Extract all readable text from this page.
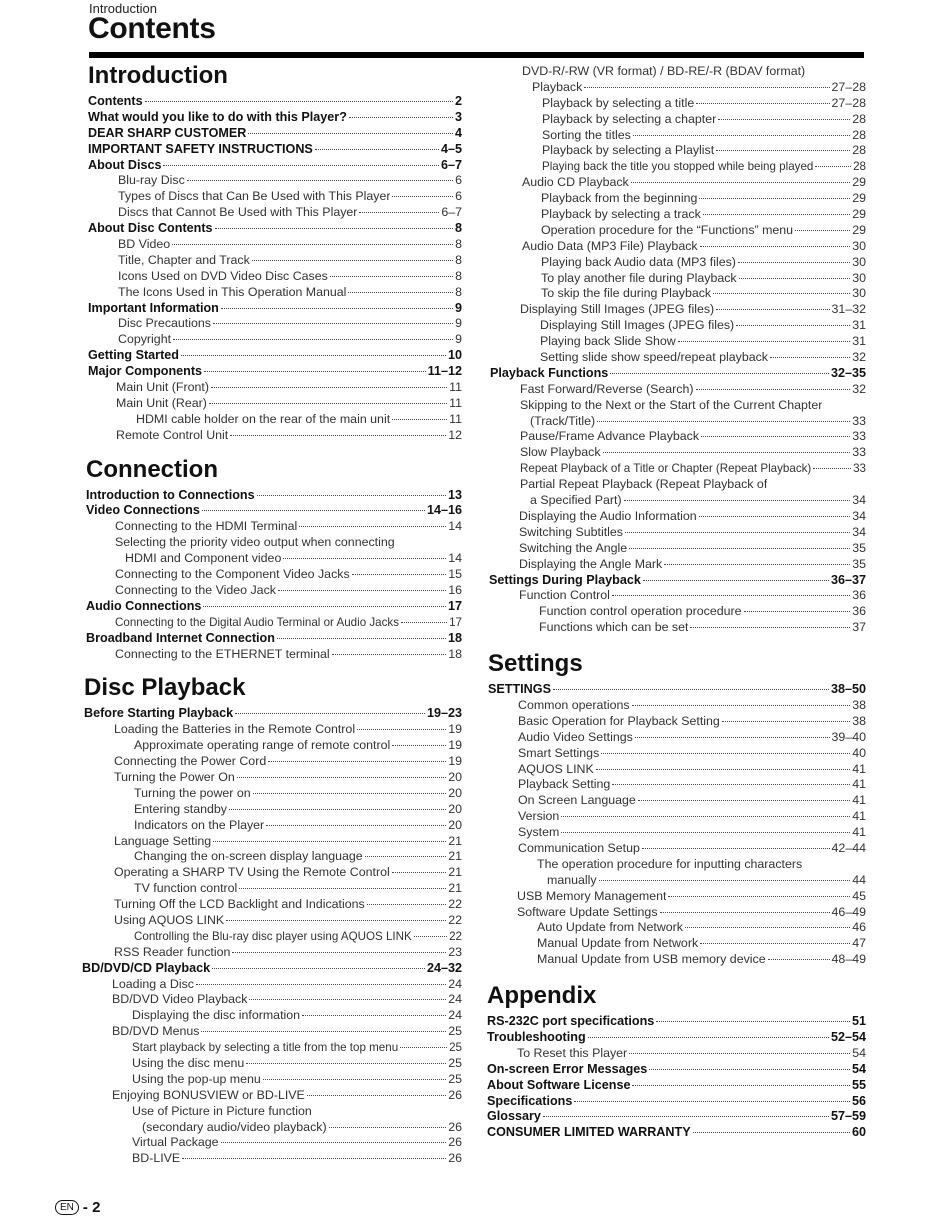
Introduction
Contents
Introduction
Contents	2
What would you like to do with this Player?	3
DEAR SHARP CUSTOMER	4
IMPORTANT SAFETY INSTRUCTIONS	4–5
About Discs	6–7
Blu-ray Disc	6
Types of Discs that Can Be Used with This Player	6
Discs that Cannot Be Used with This Player	6–7
About Disc Contents	8
BD Video	8
Title, Chapter and Track	8
Icons Used on DVD Video Disc Cases	8
The Icons Used in This Operation Manual	8
Important Information	9
Disc Precautions	9
Copyright	9
Getting Started	10
Major Components	11–12
Main Unit (Front)	11
Main Unit (Rear)	11
HDMI cable holder on the rear of the main unit	11
Remote Control Unit	12
Connection
Introduction to Connections	13
Video Connections	14–16
Connecting to the HDMI Terminal	14
Selecting the priority video output when connecting
HDMI and Component video	14
Connecting to the Component Video Jacks	15
Connecting to the Video Jack	16
Audio Connections	17
Connecting to the Digital Audio Terminal or Audio Jacks	17
Broadband Internet Connection	18
Connecting to the ETHERNET terminal	18
Disc Playback
Before Starting Playback	19–23
Loading the Batteries in the Remote Control	19
Approximate operating range of remote control	19
Connecting the Power Cord	19
Turning the Power On	20
Turning the power on	20
Entering standby	20
Indicators on the Player	20
Language Setting	21
Changing the on-screen display language	21
Operating a SHARP TV Using the Remote Control	21
TV function control	21
Turning Off the LCD Backlight and Indications	22
Using AQUOS LINK	22
Controlling the Blu-ray disc player using AQUOS LINK	22
RSS Reader function	23
BD/DVD/CD Playback	24–32
Loading a Disc	24
BD/DVD Video Playback	24
Displaying the disc information	24
BD/DVD Menus	25
Start playback by selecting a title from the top menu	25
Using the disc menu	25
Using the pop-up menu	25
Enjoying BONUSVIEW or BD-LIVE	26
Use of Picture in Picture function
(secondary audio/video playback)	26
Virtual Package	26
BD-LIVE	26
DVD-R/-RW (VR format) / BD-RE/-R (BDAV format)
Playback	27–28
Playback by selecting a title	27–28
Playback by selecting a chapter	28
Sorting the titles	28
Playback by selecting a Playlist	28
Playing back the title you stopped while being played	28
Audio CD Playback	29
Playback from the beginning	29
Playback by selecting a track	29
Operation procedure for the “Functions” menu	29
Audio Data (MP3 File) Playback	30
Playing back Audio data (MP3 files)	30
To play another file during Playback	30
To skip the file during Playback	30
Displaying Still Images (JPEG files)	31–32
Displaying Still Images (JPEG files)	31
Playing back Slide Show	31
Setting slide show speed/repeat playback	32
Playback Functions	32–35
Fast Forward/Reverse (Search)	32
Skipping to the Next or the Start of the Current Chapter
(Track/Title)	33
Pause/Frame Advance Playback	33
Slow Playback	33
Repeat Playback of a Title or Chapter (Repeat Playback)	33
Partial Repeat Playback (Repeat Playback of
a Specified Part)	34
Displaying the Audio Information	34
Switching Subtitles	34
Switching the Angle	35
Displaying the Angle Mark	35
Settings During Playback	36–37
Function Control	36
Function control operation procedure	36
Functions which can be set	37
Settings
SETTINGS	38–50
Common operations	38
Basic Operation for Playback Setting	38
Audio Video Settings	39–40
Smart Settings	40
AQUOS LINK	41
Playback Setting	41
On Screen Language	41
Version	41
System	41
Communication Setup	42–44
The operation procedure for inputting characters
manually	44
USB Memory Management	45
Software Update Settings	46–49
Auto Update from Network	46
Manual Update from Network	47
Manual Update from USB memory device	48–49
Appendix
RS-232C port specifications	51
Troubleshooting	52–54
To Reset this Player	54
On-screen Error Messages	54
About Software License	55
Specifications	56
Glossary	57–59
CONSUMER LIMITED WARRANTY	60
EN - 2
